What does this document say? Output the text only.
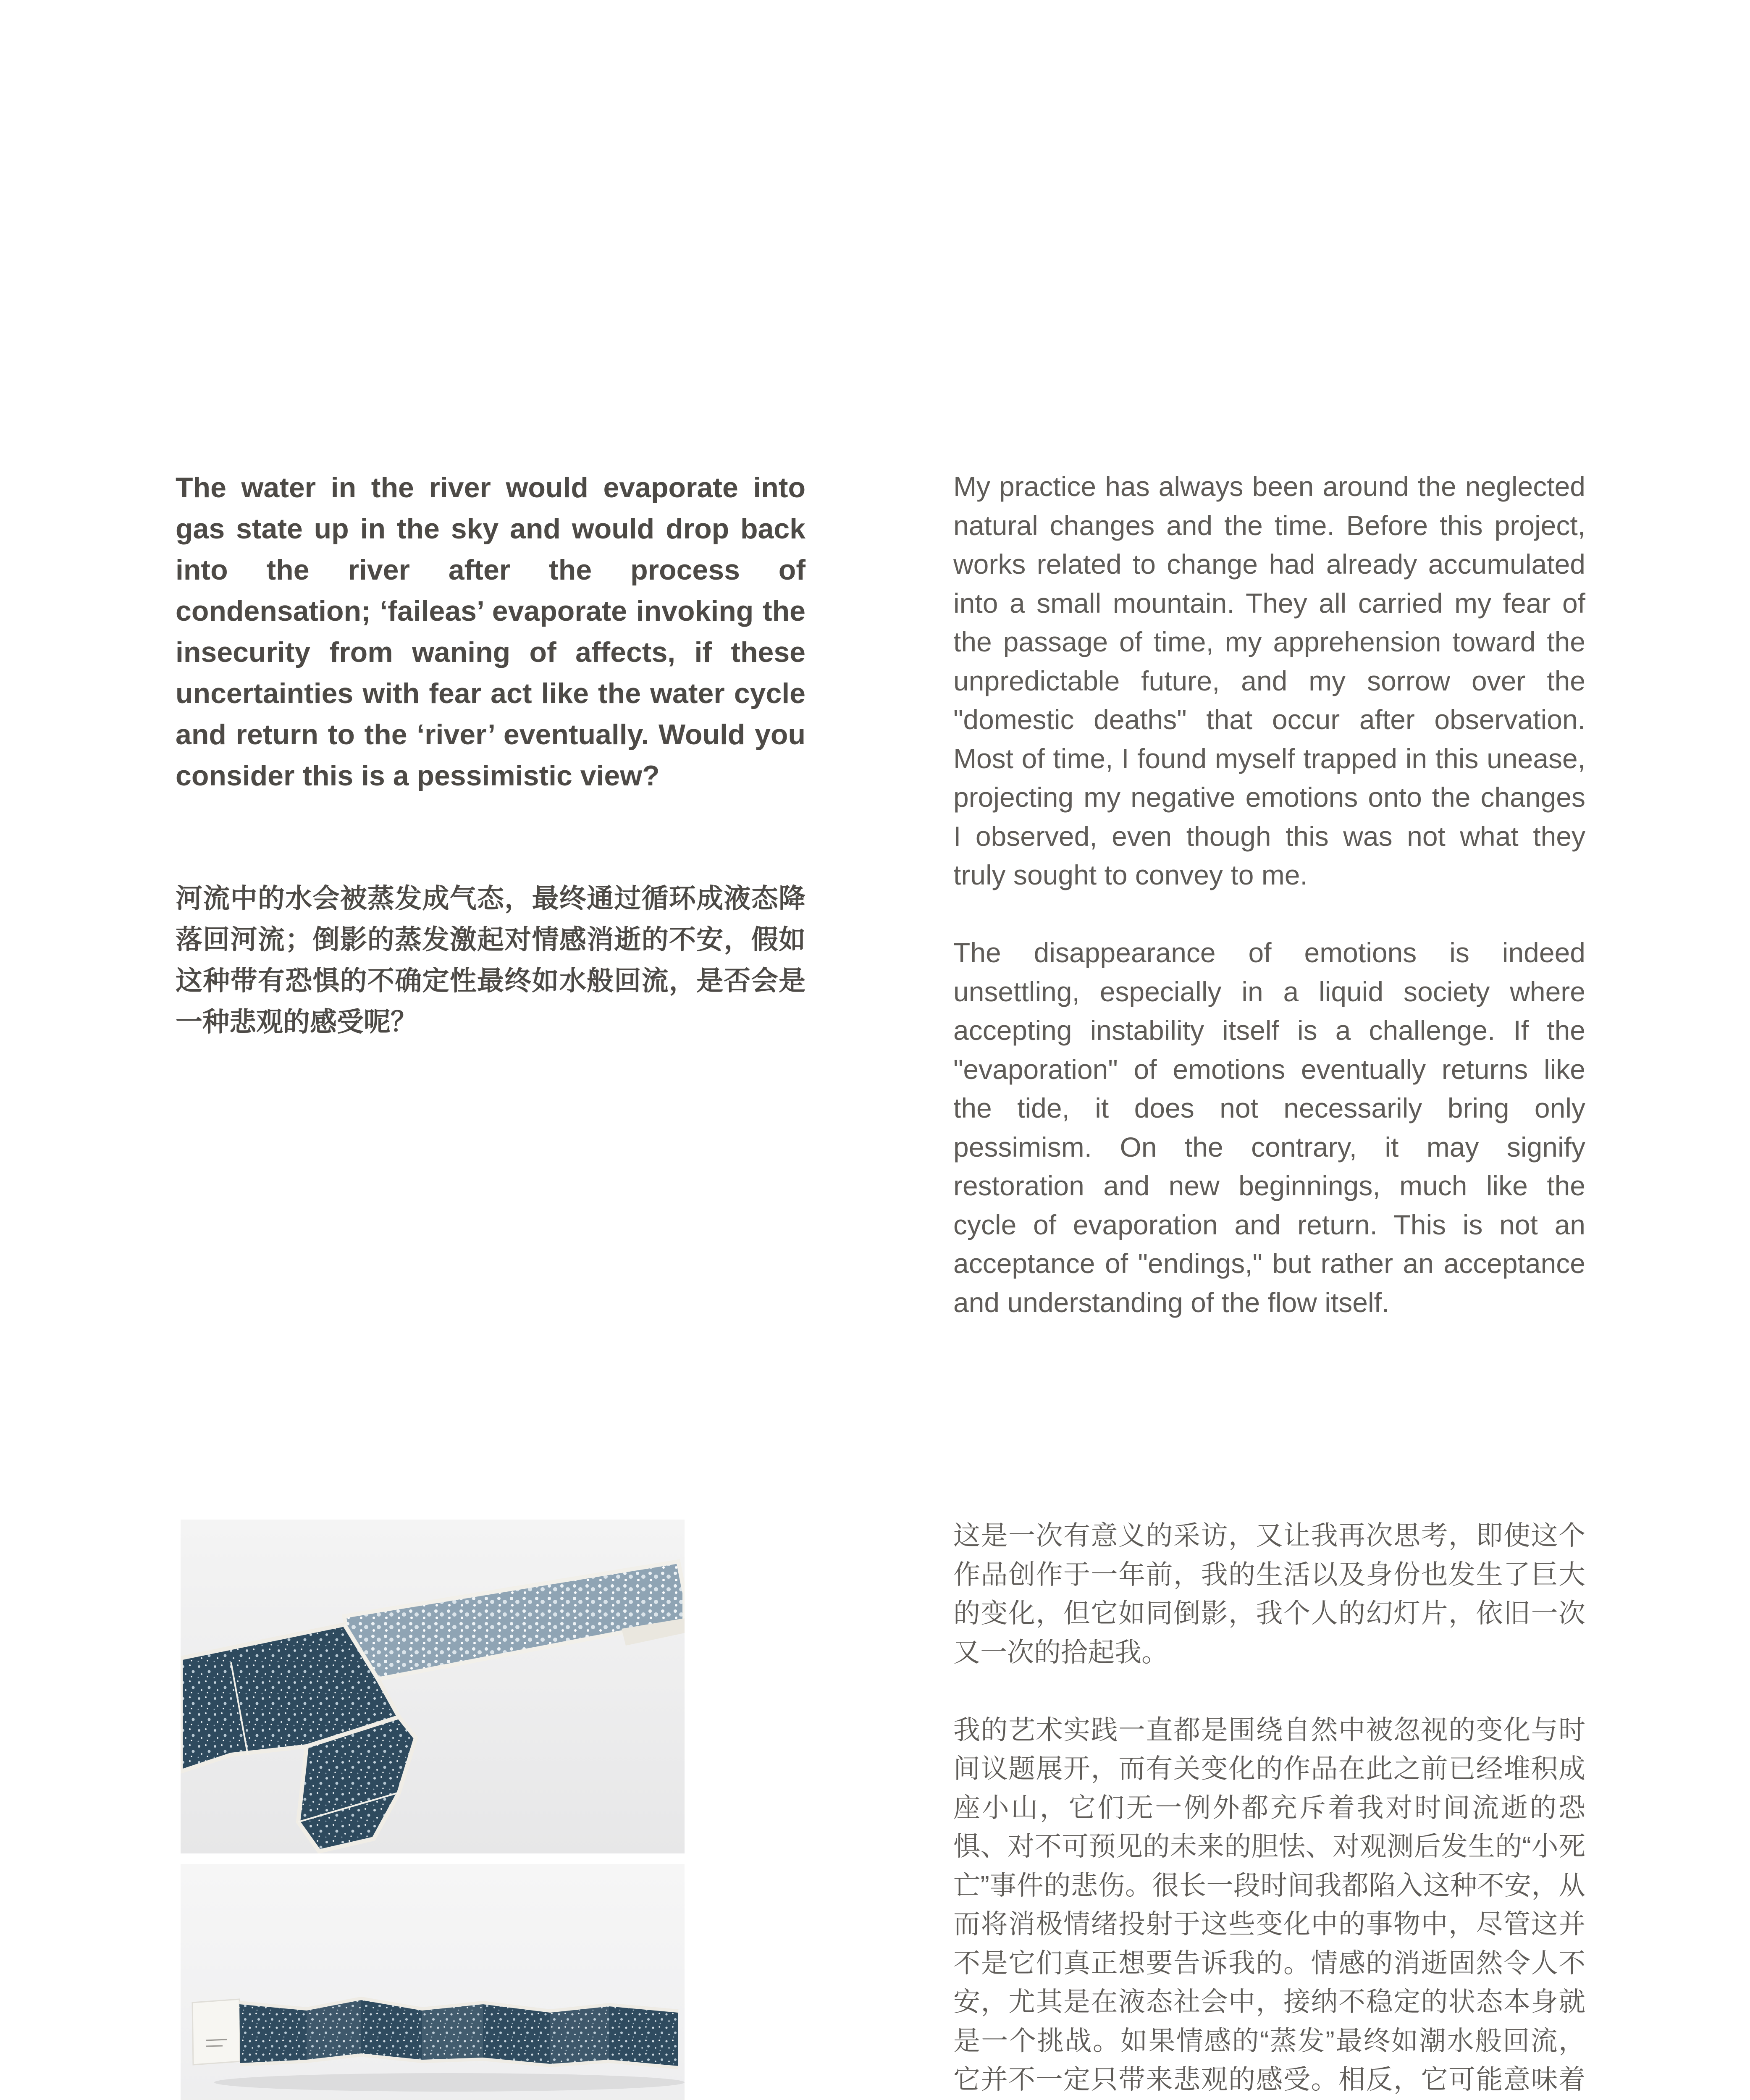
The water in the river would evaporate into gas state up in the sky and would drop back into the river after the process of condensation; ‘faileas’ evaporate invoking the insecurity from waning of affects, if these uncertainties with fear act like the water cycle and return to the ‘river’ eventually. Would you consider this is a pessimistic view?
河流中的水会被蒸发成气态，最终通过循环成液态降落回河流；倒影的蒸发激起对情感消逝的不安，假如这种带有恐惧的不确定性最终如水般回流，是否会是一种悲观的感受呢？

My practice has always been around the neglected natural changes and the time. Before this project, works related to change had already accumulated into a small mountain. They all carried my fear of the passage of time, my apprehension toward the unpredictable future, and my sorrow over the "domestic deaths" that occur after observation. Most of time, I found myself trapped in this unease, projecting my negative emotions onto the changes I observed, even though this was not what they truly sought to convey to me.

The disappearance of emotions is indeed unsettling, especially in a liquid society where accepting instability itself is a challenge. If the "evaporation" of emotions eventually returns like the tide, it does not necessarily bring only pessimism. On the contrary, it may signify restoration and new beginnings, much like the cycle of evaporation and return. This is not an acceptance of "endings," but rather an acceptance and understanding of the flow itself.

这是一次有意义的采访，又让我再次思考，即使这个作品创作于一年前，我的生活以及身份也发生了巨大的变化，但它如同倒影，我个人的幻灯片，依旧一次又一次的拾起我。

我的艺术实践一直都是围绕自然中被忽视的变化与时间议题展开，而有关变化的作品在此之前已经堆积成座小山，它们无一例外都充斥着我对时间流逝的恐惧、对不可预见的未来的胆怯、对观测后发生的“小死亡”事件的悲伤。很长一段时间我都陷入这种不安，从而将消极情绪投射于这些变化中的事物中，尽管这并不是它们真正想要告诉我的。情感的消逝固然令人不安，尤其是在液态社会中，接纳不稳定的状态本身就是一个挑战。如果情感的“蒸发”最终如潮水般回流，它并不一定只带来悲观的感受。相反，它可能意味着
